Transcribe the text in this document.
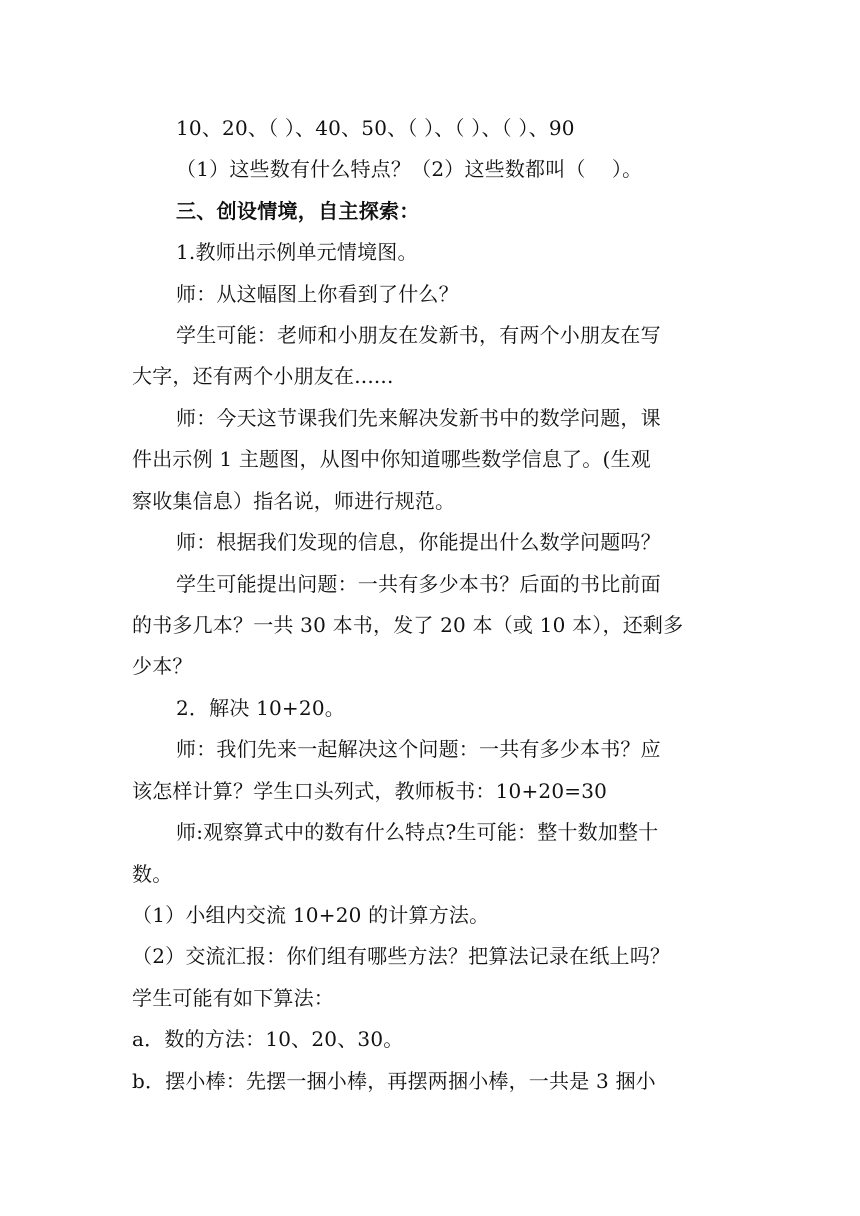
10、20、（ ）、40、50、（ ）、（ ）、（ ）、90
（1）这些数有什么特点？（2）这些数都叫（    ）。
三、创设情境，自主探索：
1.教师出示例单元情境图。
师：从这幅图上你看到了什么？
学生可能：老师和小朋友在发新书，有两个小朋友在写
大字，还有两个小朋友在......
师：今天这节课我们先来解决发新书中的数学问题，课
件出示例 1 主题图，从图中你知道哪些数学信息了。(生观
察收集信息）指名说，师进行规范。
师：根据我们发现的信息，你能提出什么数学问题吗？
学生可能提出问题：一共有多少本书？后面的书比前面
的书多几本？一共 30 本书，发了 20 本（或 10 本），还剩多
少本？
2．解决 10+20。
师：我们先来一起解决这个问题：一共有多少本书？应
该怎样计算？学生口头列式，教师板书：10+20=30
师:观察算式中的数有什么特点?生可能：整十数加整十
数。
（1）小组内交流 10+20 的计算方法。
（2）交流汇报：你们组有哪些方法？把算法记录在纸上吗？
学生可能有如下算法：
a．数的方法：10、20、30。
b．摆小棒：先摆一捆小棒，再摆两捆小棒，一共是 3 捆小
